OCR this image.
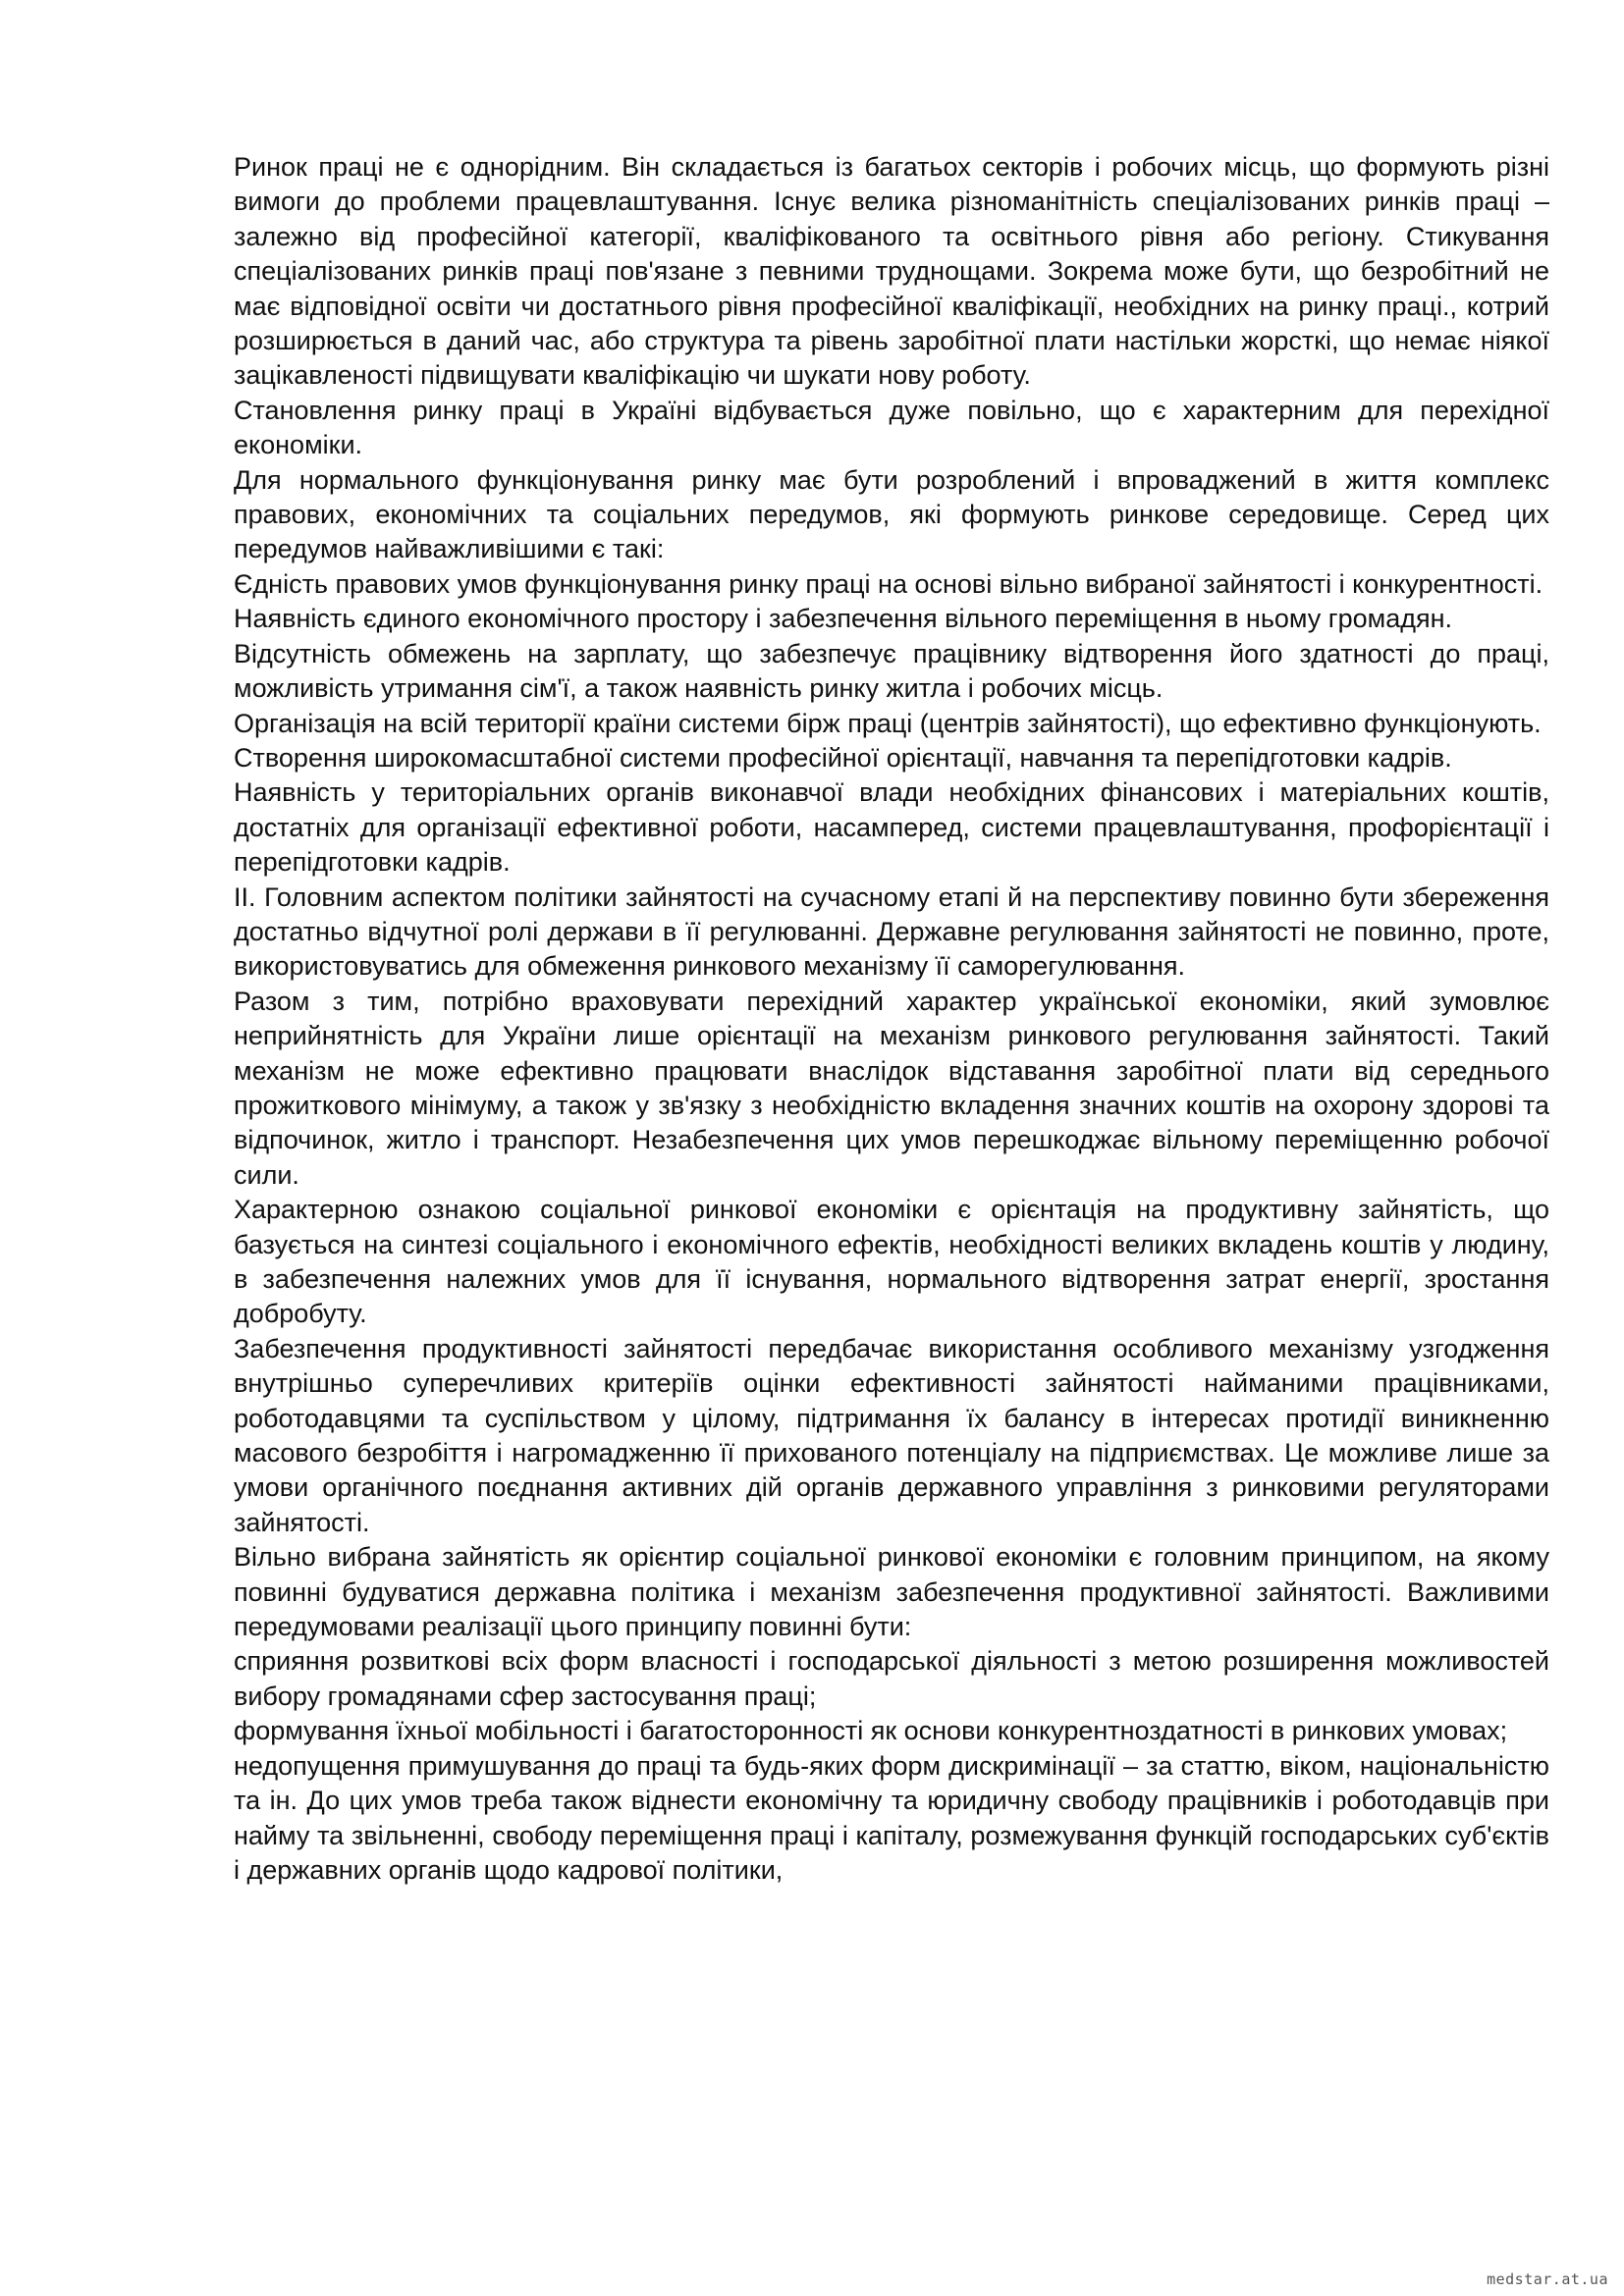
Ринок праці не є однорідним. Він складається із багатьох секторів і робочих місць, що формують різні вимоги до проблеми працевлаштування. Існує велика різноманітність спеціалізованих ринків праці – залежно від професійної категорії, кваліфікованого та освітнього рівня або регіону. Стикування спеціалізованих ринків праці пов'язане з певними труднощами. Зокрема може бути, що безробітний не має відповідної освіти чи достатнього рівня професійної кваліфікації, необхідних на ринку праці., котрий розширюється в даний час, або структура та рівень заробітної плати настільки жорсткі, що немає ніякої зацікавленості підвищувати кваліфікацію чи шукати нову роботу.

Становлення ринку праці в Україні відбувається дуже повільно, що є характерним для перехідної економіки.

Для нормального функціонування ринку має бути розроблений і впроваджений в життя комплекс правових, економічних та соціальних передумов, які формують ринкове середовище. Серед цих передумов найважливішими є такі:

Єдність правових умов функціонування ринку праці на основі вільно вибраної зайнятості і конкурентності.

Наявність єдиного економічного простору і забезпечення вільного переміщення в ньому громадян.

Відсутність обмежень на зарплату, що забезпечує працівнику відтворення його здатності до праці, можливість утримання сім'ї, а також наявність ринку житла і робочих місць.

Організація на всій території країни системи бірж праці (центрів зайнятості), що ефективно функціонують.

Створення широкомасштабної системи професійної орієнтації, навчання та перепідготовки кадрів.

Наявність у територіальних органів виконавчої влади необхідних фінансових і матеріальних коштів, достатніх для організації ефективної роботи, насамперед, системи працевлаштування, профорієнтації і перепідготовки кадрів.

ІІ. Головним аспектом політики зайнятості на сучасному етапі й на перспективу повинно бути збереження достатньо відчутної ролі держави в її регулюванні. Державне регулювання зайнятості не повинно, проте, використовуватись для обмеження ринкового механізму її саморегулювання.

Разом з тим, потрібно враховувати перехідний характер української економіки, який зумовлює неприйнятність для України лише орієнтації на механізм ринкового регулювання зайнятості. Такий механізм не може ефективно працювати внаслідок відставання заробітної плати від середнього прожиткового мінімуму, а також у зв'язку з необхідністю вкладення значних коштів на охорону здорові та відпочинок, житло і транспорт. Незабезпечення цих умов перешкоджає вільному переміщенню робочої сили.

Характерною ознакою соціальної ринкової економіки є орієнтація на продуктивну зайнятість, що базується на синтезі соціального і економічного ефектів, необхідності великих вкладень коштів у людину, в забезпечення належних умов для її існування, нормального відтворення затрат енергії, зростання добробуту.

Забезпечення продуктивності зайнятості передбачає використання особливого механізму узгодження внутрішньо суперечливих критеріїв оцінки ефективності зайнятості найманими працівниками, роботодавцями та суспільством у цілому, підтримання їх балансу в інтересах протидії виникненню масового безробіття і нагромадженню її прихованого потенціалу на підприємствах. Це можливе лише за умови органічного поєднання активних дій органів державного управління з ринковими регуляторами зайнятості.

Вільно вибрана зайнятість як орієнтир соціальної ринкової економіки є головним принципом, на якому повинні будуватися державна політика і механізм забезпечення продуктивної зайнятості. Важливими передумовами реалізації цього принципу повинні бути:

сприяння розвиткові всіх форм власності і господарської діяльності з метою розширення можливостей вибору громадянами сфер застосування праці;

формування їхньої мобільності і багатосторонності як основи конкурентноздатності в ринкових умовах;

недопущення примушування до праці та будь-яких форм дискримінації – за статтю, віком, національністю та ін. До цих умов треба також віднести економічну та юридичну свободу працівників і роботодавців при найму та звільненні, свободу переміщення праці і капіталу, розмежування функцій господарських суб'єктів і державних органів щодо кадрової політики,

medstar.at.ua
